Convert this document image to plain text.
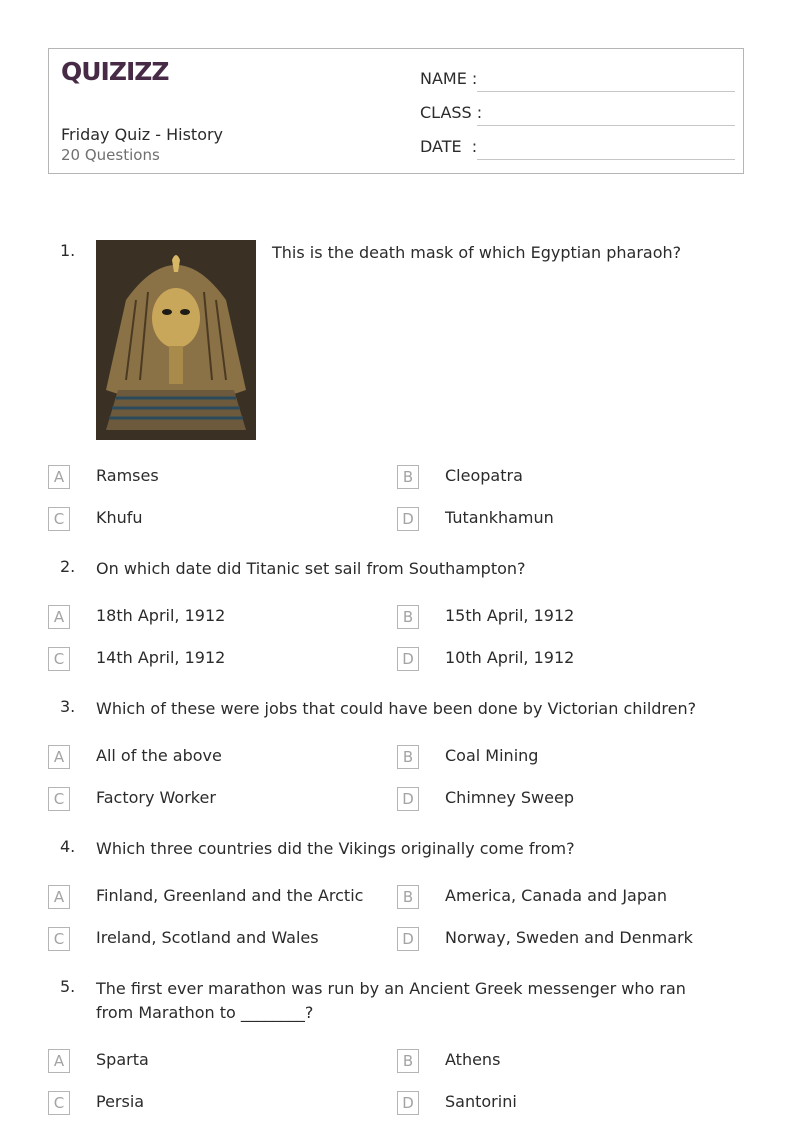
QUIZIZZ
Friday Quiz - History
20 Questions
NAME :
CLASS :
DATE  :
1.	This is the death mask of which Egyptian pharaoh?
A	Ramses	B	Cleopatra
C	Khufu	D	Tutankhamun
2. On which date did Titanic set sail from Southampton?
A	18th April, 1912	B	15th April, 1912
C	14th April, 1912	D	10th April, 1912
3. Which of these were jobs that could have been done by Victorian children?
A	All of the above	B	Coal Mining
C	Factory Worker	D	Chimney Sweep
4. Which three countries did the Vikings originally come from?
A	Finland, Greenland and the Arctic	B	America, Canada and Japan
C	Ireland, Scotland and Wales	D	Norway, Sweden and Denmark
5. The first ever marathon was run by an Ancient Greek messenger who ran from Marathon to ________?
A	Sparta	B	Athens
C	Persia	D	Santorini
